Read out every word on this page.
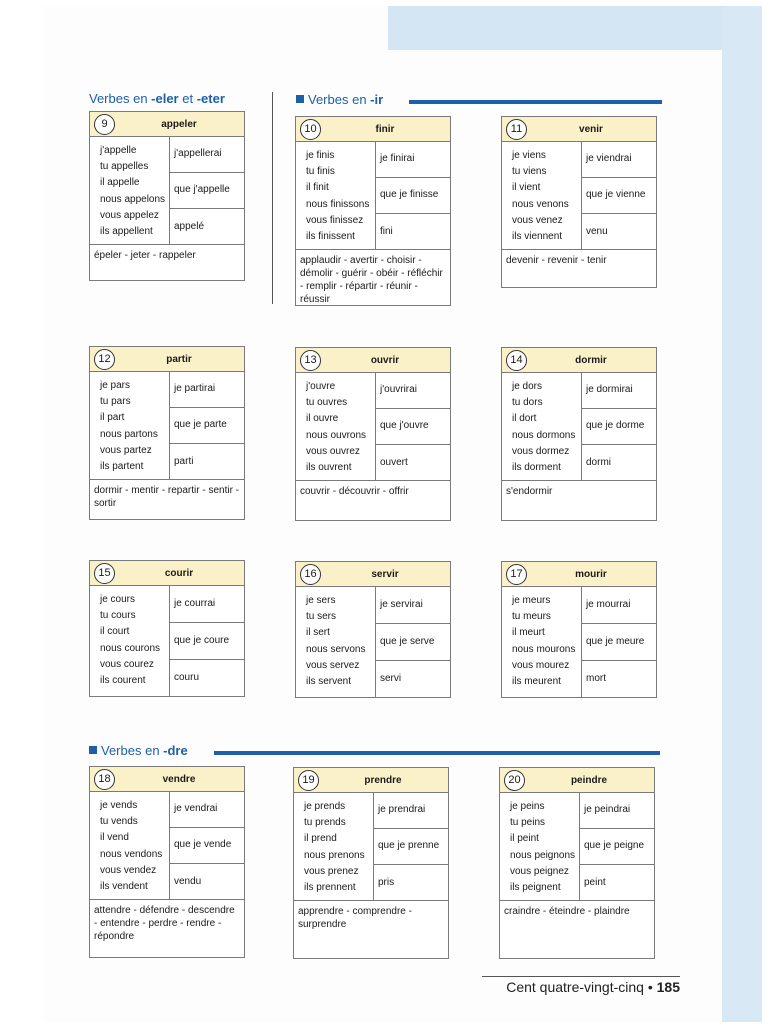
Verbes en -eler et -eter	Verbes en -ir
Verbes en -dre
9	appeler
j'appelle
tu appelles
il appelle
nous appelons
vous appelez
ils appellent
j'appellerai
que j'appelle
appelé
épeler - jeter - rappeler
10	finir
je finis
tu finis
il finit
nous finissons
vous finissez
ils finissent
je finirai
que je finisse
fini
applaudir - avertir - choisir - démolir - guérir - obéir - réfléchir - remplir - répartir - réunir - réussir
11	venir
je viens
tu viens
il vient
nous venons
vous venez
ils viennent
je viendrai
que je vienne
venu
devenir - revenir - tenir
12	partir
je pars
tu pars
il part
nous partons
vous partez
ils partent
je partirai
que je parte
parti
dormir - mentir - repartir - sentir - sortir
13	ouvrir
j'ouvre
tu ouvres
il ouvre
nous ouvrons
vous ouvrez
ils ouvrent
j'ouvrirai
que j'ouvre
ouvert
couvrir - découvrir - offrir
14	dormir
je dors
tu dors
il dort
nous dormons
vous dormez
ils dorment
je dormirai
que je dorme
dormi
s'endormir
15	courir
je cours
tu cours
il court
nous courons
vous courez
ils courent
je courrai
que je coure
couru
16	servir
je sers
tu sers
il sert
nous servons
vous servez
ils servent
je servirai
que je serve
servi
17	mourir
je meurs
tu meurs
il meurt
nous mourons
vous mourez
ils meurent
je mourrai
que je meure
mort
18	vendre
je vends
tu vends
il vend
nous vendons
vous vendez
ils vendent
je vendrai
que je vende
vendu
attendre - défendre - descendre - entendre - perdre - rendre - répondre
19	prendre
je prends
tu prends
il prend
nous prenons
vous prenez
ils prennent
je prendrai
que je prenne
pris
apprendre - comprendre - surprendre
20	peindre
je peins
tu peins
il peint
nous peignons
vous peignez
ils peignent
je peindrai
que je peigne
peint
craindre - éteindre - plaindre
Cent quatre-vingt-cinq • 185
